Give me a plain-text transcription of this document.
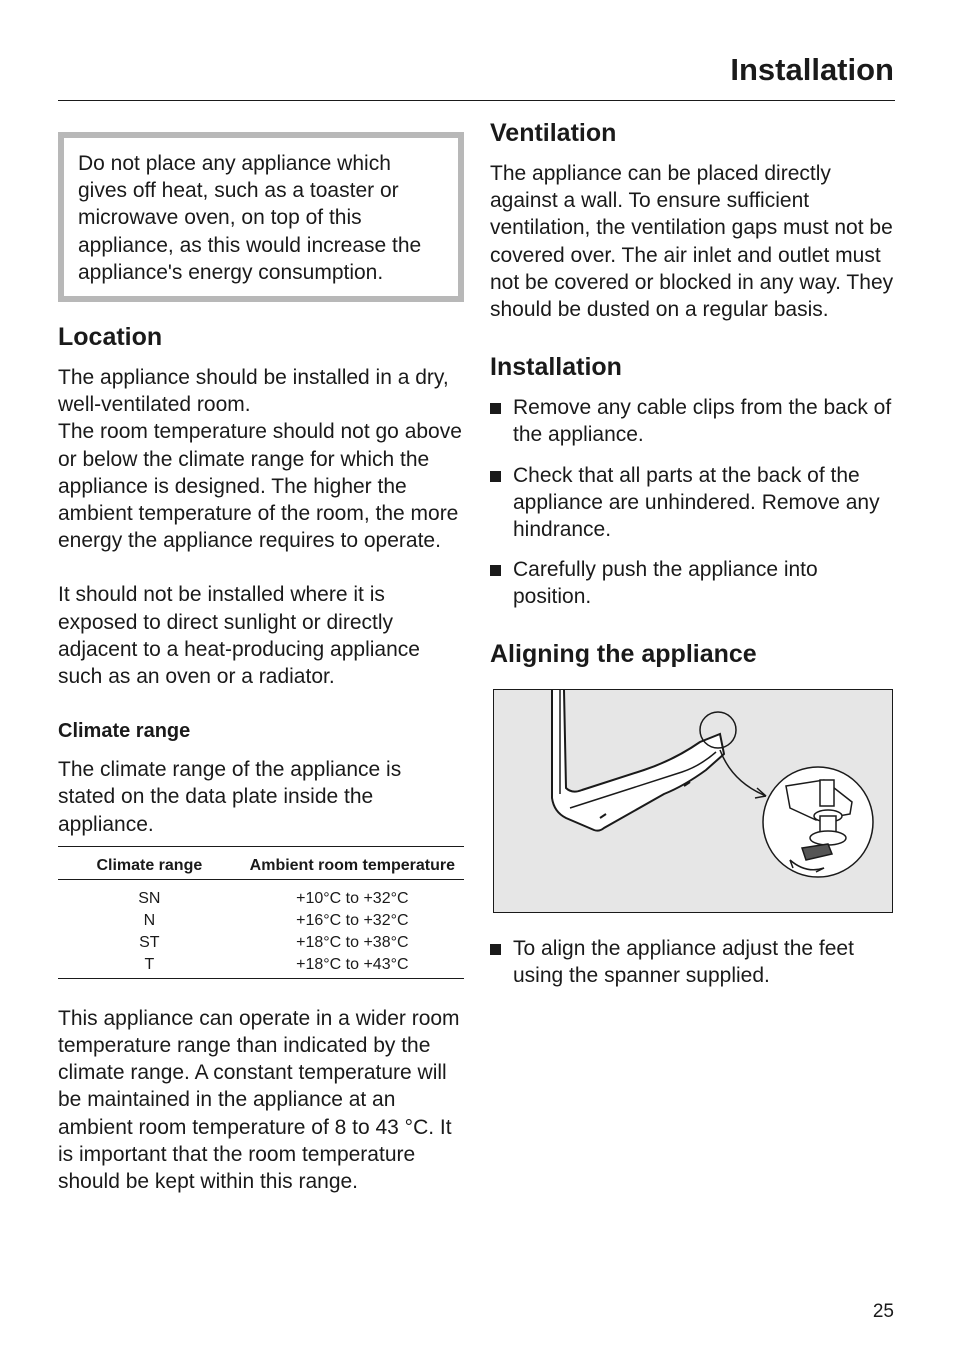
Installation

Do not place any appliance which gives off heat, such as a toaster or microwave oven, on top of this appliance, as this would increase the appliance's energy consumption.

Location

The appliance should be installed in a dry, well-ventilated room.

The room temperature should not go above or below the climate range for which the appliance is designed. The higher the ambient temperature of the room, the more energy the appliance requires to operate.

It should not be installed where it is exposed to direct sunlight or directly adjacent to a heat-producing appliance such as an oven or a radiator.

Climate range

The climate range of the appliance is stated on the data plate inside the appliance.

Climate range	Ambient room temperature
SN	+10°C to +32°C
N	+16°C to +32°C
ST	+18°C to +38°C
T	+18°C to +43°C

This appliance can operate in a wider room temperature range than indicated by the climate range. A constant temperature will be maintained in the appliance at an ambient room temperature of 8 to 43 °C. It is important that the room temperature should be kept within this range.

Ventilation

The appliance can be placed directly against a wall. To ensure sufficient ventilation, the ventilation gaps must not be covered over. The air inlet and outlet must not be covered or blocked in any way. They should be dusted on a regular basis.

Installation
Remove any cable clips from the back of the appliance.
Check that all parts at the back of the appliance are unhindered. Remove any hindrance.
Carefully push the appliance into position.
Aligning the appliance
To align the appliance adjust the feet using the spanner supplied.
25
